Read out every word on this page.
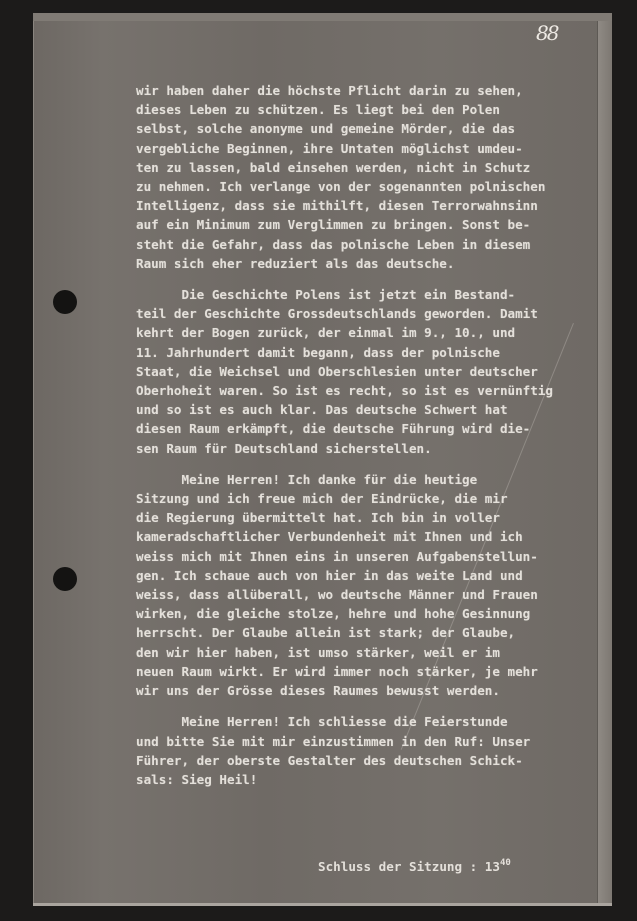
88
wir haben daher die höchste Pflicht darin zu sehen,
dieses Leben zu schützen. Es liegt bei den Polen
selbst, solche anonyme und gemeine Mörder, die das
vergebliche Beginnen, ihre Untaten möglichst umdeu-
ten zu lassen, bald einsehen werden, nicht in Schutz
zu nehmen. Ich verlange von der sogenannten polnischen
Intelligenz, dass sie mithilft, diesen Terrorwahnsinn
auf ein Minimum zum Verglimmen zu bringen. Sonst be-
steht die Gefahr, dass das polnische Leben in diesem
Raum sich eher reduziert als das deutsche.
Die Geschichte Polens ist jetzt ein Bestand-
teil der Geschichte Grossdeutschlands geworden. Damit
kehrt der Bogen zurück, der einmal im 9., 10., und
11. Jahrhundert damit begann, dass der polnische
Staat, die Weichsel und Oberschlesien unter deutscher
Oberhoheit waren. So ist es recht, so ist es vernünftig
und so ist es auch klar. Das deutsche Schwert hat
diesen Raum erkämpft, die deutsche Führung wird die-
sen Raum für Deutschland sicherstellen.
Meine Herren! Ich danke für die heutige
Sitzung und ich freue mich der Eindrücke, die mir
die Regierung übermittelt hat. Ich bin in voller
kameradschaftlicher Verbundenheit mit Ihnen und ich
weiss mich mit Ihnen eins in unseren Aufgabenstellun-
gen. Ich schaue auch von hier in das weite Land und
weiss, dass allüberall, wo deutsche Männer und Frauen
wirken, die gleiche stolze, hehre und hohe Gesinnung
herrscht. Der Glaube allein ist stark; der Glaube,
den wir hier haben, ist umso stärker, weil er im
neuen Raum wirkt. Er wird immer noch stärker, je mehr
wir uns der Grösse dieses Raumes bewusst werden.
Meine Herren! Ich schliesse die Feierstunde
und bitte Sie mit mir einzustimmen in den Ruf: Unser
Führer, der oberste Gestalter des deutschen Schick-
sals: Sieg Heil!
Schluss der Sitzung : $13^{40}$
